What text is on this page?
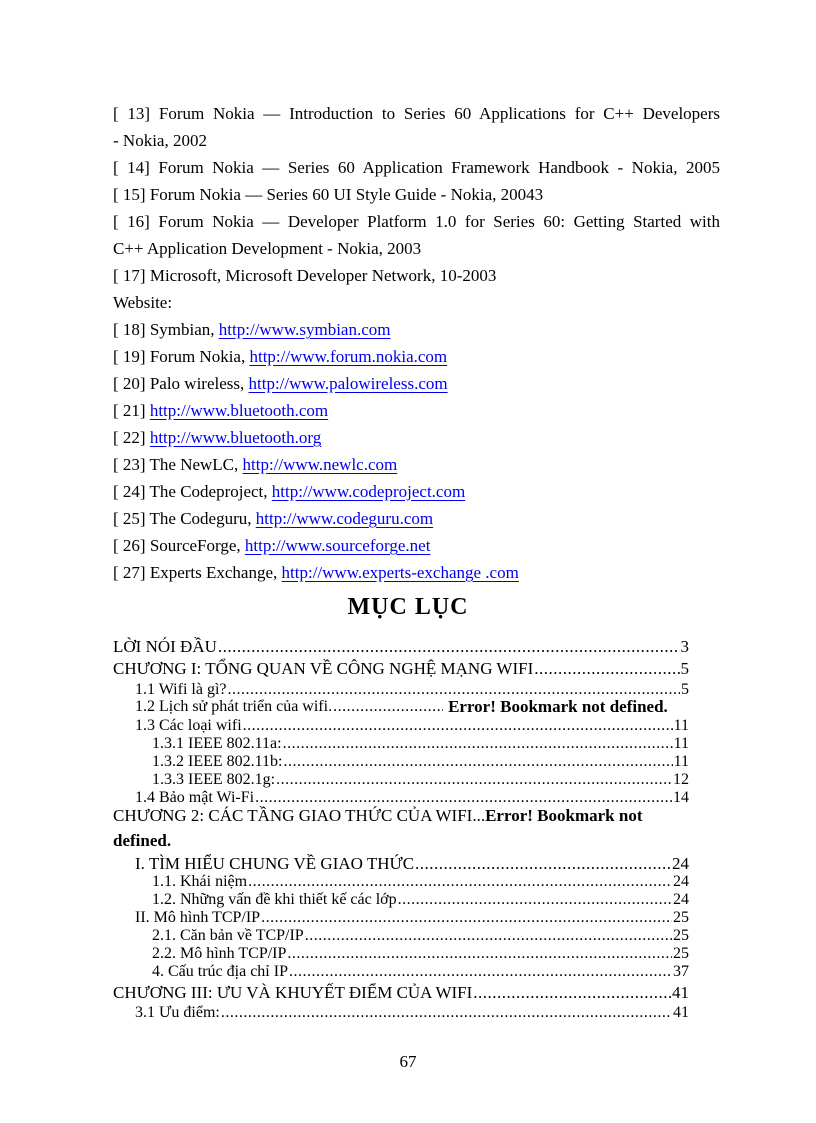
[ 13] Forum Nokia — Introduction to Series 60 Applications for C++ Developers
- Nokia, 2002
[ 14] Forum Nokia — Series 60 Application Framework Handbook - Nokia, 2005
[ 15] Forum Nokia — Series 60 UI Style Guide - Nokia, 20043
[ 16] Forum Nokia — Developer Platform 1.0 for Series 60: Getting Started with
C++ Application Development - Nokia, 2003
[ 17] Microsoft, Microsoft Developer Network, 10-2003
Website:
[ 18] Symbian, http://www.symbian.com
[ 19] Forum Nokia, http://www.forum.nokia.com
[ 20] Palo wireless, http://www.palowireless.com
[ 21] http://www.bluetooth.com
[ 22] http://www.bluetooth.org
[ 23] The NewLC, http://www.newlc.com
[ 24] The Codeproject, http://www.codeproject.com
[ 25] The Codeguru, http://www.codeguru.com
[ 26] SourceForge, http://www.sourceforge.net
[ 27] Experts Exchange, http://www.experts-exchange .com
MỤC LỤC
LỜI NÓI ĐẦU .....	3
CHƯƠNG I: TỔNG QUAN VỀ CÔNG NGHỆ MẠNG WIFI .....	5
1.1 Wifi là gì? .....	5
1.2 Lịch sử phát triển của wifi. .....	Error! Bookmark not defined.
1.3 Các loại wifi .....	11
1.3.1 IEEE 802.11a: .....	11
1.3.2 IEEE 802.11b: .....	11
1.3.3 IEEE 802.1g: .....	12
1.4 Bảo mật Wi-Fi .....	14
CHƯƠNG 2: CÁC TẦNG GIAO THỨC CỦA WIFI... Error! Bookmark not
defined.
I. TÌM HIỂU CHUNG VỀ GIAO THỨC .....	24
1.1. Khái niệm .....	24
1.2. Những vấn đề khi thiết kế các lớp .....	24
II. Mô hình TCP/IP .....	25
2.1. Căn bản về TCP/IP .....	25
2.2. Mô hình TCP/IP .....	25
4. Cấu trúc địa chỉ IP .....	37
CHƯƠNG III: ƯU VÀ KHUYẾT ĐIỂM CỦA WIFI .....	41
3.1 Ưu điểm: .....	41
67
